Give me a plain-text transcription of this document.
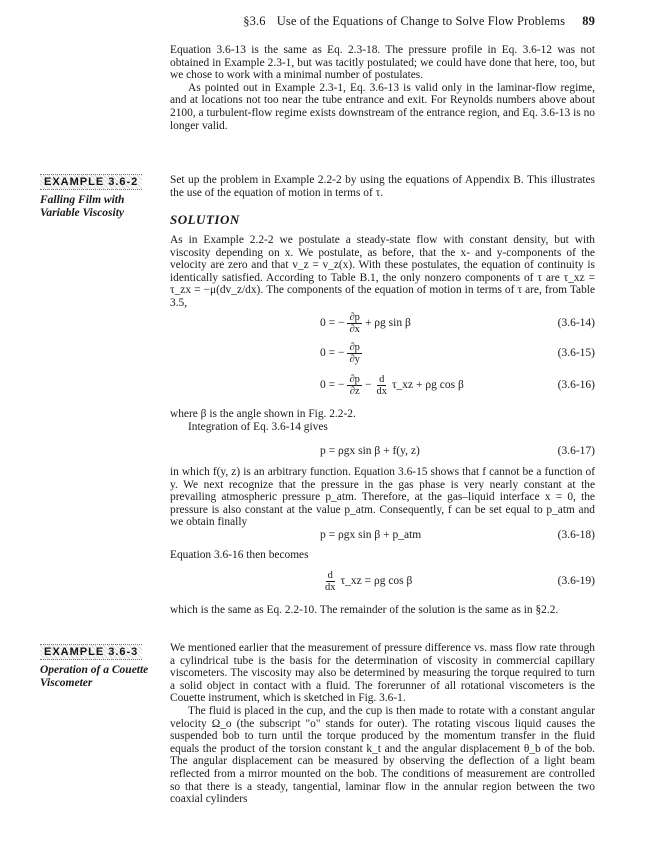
§3.6 Use of the Equations of Change to Solve Flow Problems 89

Equation 3.6-13 is the same as Eq. 2.3-18. The pressure profile in Eq. 3.6-12 was not obtained in Example 2.3-1, but was tacitly postulated; we could have done that here, too, but we chose to work with a minimal number of postulates.

As pointed out in Example 2.3-1, Eq. 3.6-13 is valid only in the laminar-flow regime, and at locations not too near the tube entrance and exit. For Reynolds numbers above about 2100, a turbulent-flow regime exists downstream of the entrance region, and Eq. 3.6-13 is no longer valid.

EXAMPLE 3.6-2
Falling Film with Variable Viscosity

Set up the problem in Example 2.2-2 by using the equations of Appendix B. This illustrates the use of the equation of motion in terms of τ.

SOLUTION

As in Example 2.2-2 we postulate a steady-state flow with constant density, but with viscosity depending on x. We postulate, as before, that the x- and y-components of the velocity are zero and that v_z = v_z(x). With these postulates, the equation of continuity is identically satisfied. According to Table B.1, the only nonzero components of τ are τ_xz = τ_zx = −μ(dv_z/dx). The components of the equation of motion in terms of τ are, from Table 3.5,

0 = − $\frac{\partial p}{\partial x} + \rho g$ sin β	(3.6-14)
0 = − $\frac{\partial p}{\partial y}$	(3.6-15)
0 = − $\frac{\partial p}{\partial z} - \frac{d}{dx}$ τ_xz + ρg cos β	(3.6-16)

where β is the angle shown in Fig. 2.2-2.

Integration of Eq. 3.6-14 gives

p = ρgx sin β + f(y, z)	(3.6-17)

in which f(y, z) is an arbitrary function. Equation 3.6-15 shows that f cannot be a function of y. We next recognize that the pressure in the gas phase is very nearly constant at the prevailing atmospheric pressure p_atm. Therefore, at the gas–liquid interface x = 0, the pressure is also constant at the value p_atm. Consequently, f can be set equal to p_atm and we obtain finally

p = ρgx sin β + p_atm	(3.6-18)

Equation 3.6-16 then becomes

$\frac{d}{dx}$ τ_xz = ρg cos β	(3.6-19)

which is the same as Eq. 2.2-10. The remainder of the solution is the same as in §2.2.

EXAMPLE 3.6-3
Operation of a Couette Viscometer

We mentioned earlier that the measurement of pressure difference vs. mass flow rate through a cylindrical tube is the basis for the determination of viscosity in commercial capillary viscometers. The viscosity may also be determined by measuring the torque required to turn a solid object in contact with a fluid. The forerunner of all rotational viscometers is the Couette instrument, which is sketched in Fig. 3.6-1.

The fluid is placed in the cup, and the cup is then made to rotate with a constant angular velocity Ω_o (the subscript "o" stands for outer). The rotating viscous liquid causes the suspended bob to turn until the torque produced by the momentum transfer in the fluid equals the product of the torsion constant k_t and the angular displacement θ_b of the bob. The angular displacement can be measured by observing the deflection of a light beam reflected from a mirror mounted on the bob. The conditions of measurement are controlled so that there is a steady, tangential, laminar flow in the annular region between the two coaxial cylinders
